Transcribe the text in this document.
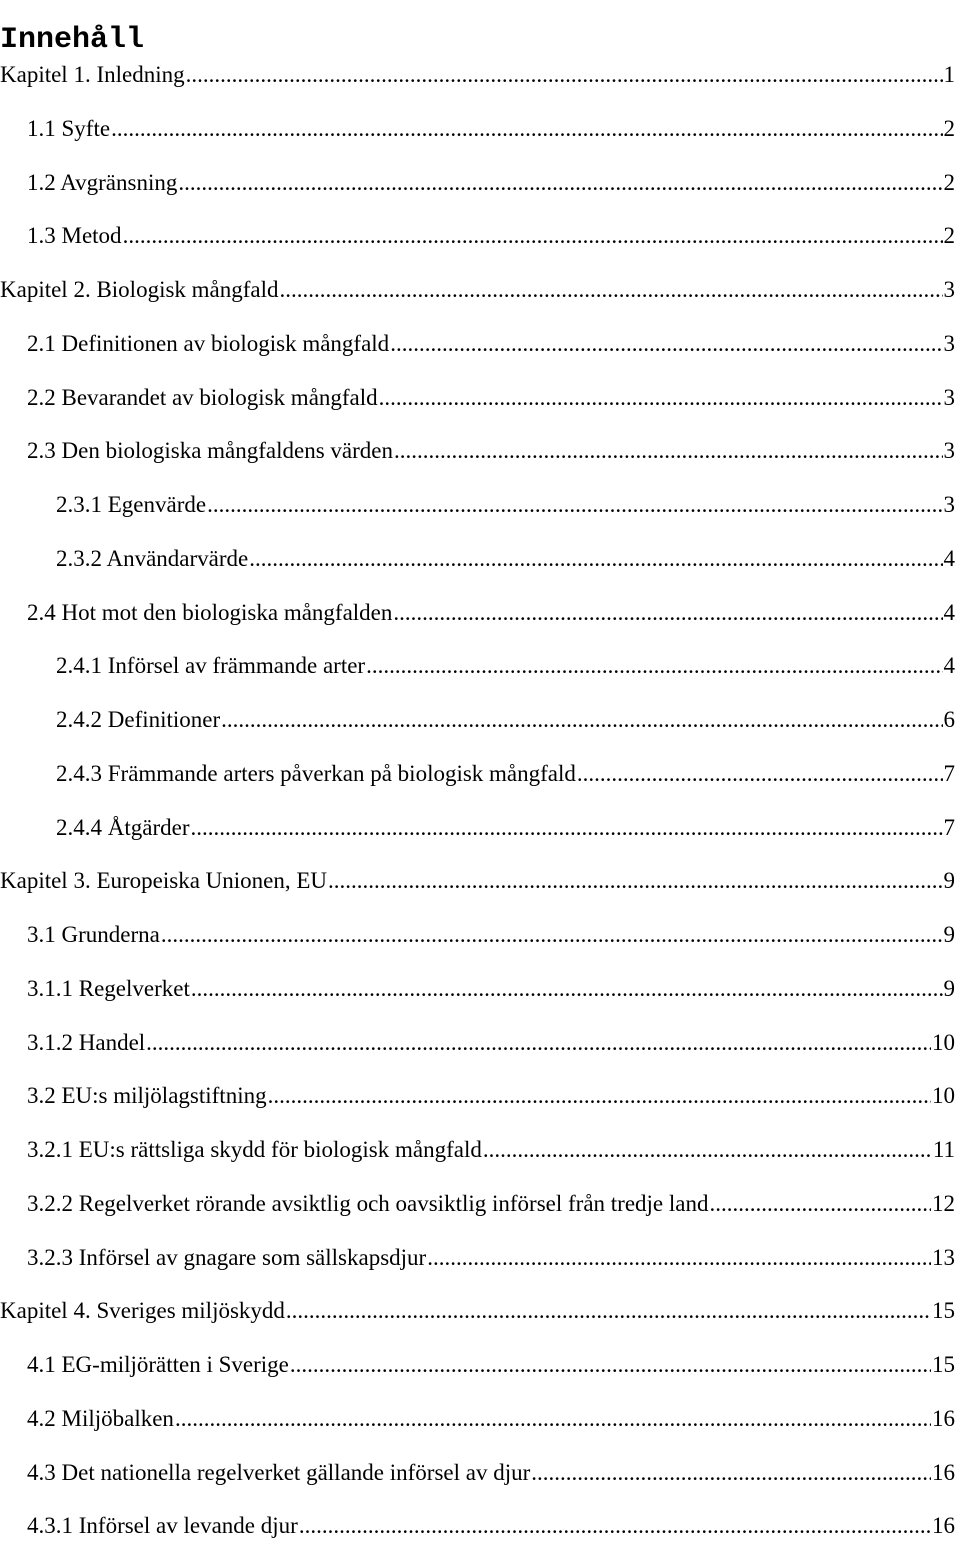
Innehåll
Kapitel 1. Inledning .....	1
1.1 Syfte .....	2
1.2 Avgränsning .....	2
1.3 Metod .....	2
Kapitel 2. Biologisk mångfald .....	3
2.1 Definitionen av biologisk mångfald .....	3
2.2 Bevarandet av biologisk mångfald .....	3
2.3 Den biologiska mångfaldens värden .....	3
2.3.1 Egenvärde .....	3
2.3.2 Användarvärde .....	4
2.4 Hot mot den biologiska mångfalden .....	4
2.4.1 Införsel av främmande arter .....	4
2.4.2 Definitioner .....	6
2.4.3 Främmande arters påverkan på biologisk mångfald .....	7
2.4.4 Åtgärder .....	7
Kapitel 3. Europeiska Unionen, EU .....	9
3.1 Grunderna .....	9
3.1.1 Regelverket .....	9
3.1.2 Handel .....	10
3.2 EU:s miljölagstiftning .....	10
3.2.1 EU:s rättsliga skydd för biologisk mångfald .....	11
3.2.2 Regelverket rörande avsiktlig och oavsiktlig införsel från tredje land .....	12
3.2.3 Införsel av gnagare som sällskapsdjur .....	13
Kapitel 4. Sveriges miljöskydd .....	15
4.1 EG-miljörätten i Sverige .....	15
4.2 Miljöbalken .....	16
4.3 Det nationella regelverket gällande införsel av djur .....	16
4.3.1 Införsel av levande djur .....	16
